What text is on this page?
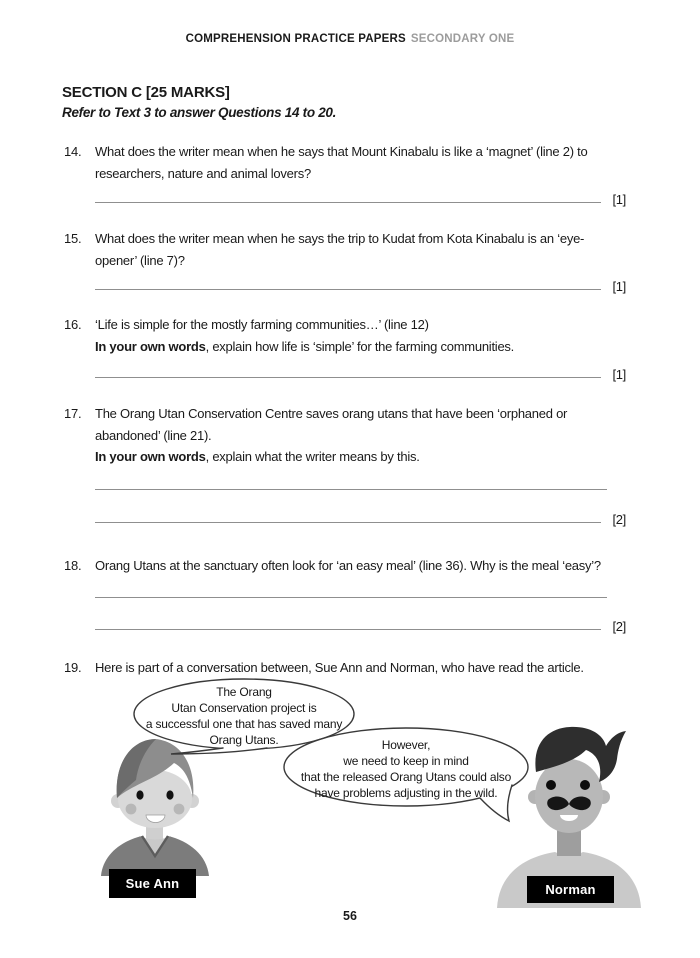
COMPREHENSION PRACTICE PAPERS SECONDARY ONE
SECTION C [25 MARKS]
Refer to Text 3 to answer Questions 14 to 20.
14.	What does the writer mean when he says that Mount Kinabalu is like a ‘magnet’ (line 2) to
researchers, nature and animal lovers?
[1]
15.	What does the writer mean when he says the trip to Kudat from Kota Kinabalu is an ‘eye-
opener’ (line 7)?
[1]
16.	‘Life is simple for the mostly farming communities…’ (line 12)
In your own words, explain how life is ‘simple’ for the farming communities.
[1]
17.	The Orang Utan Conservation Centre saves orang utans that have been ‘orphaned or
abandoned’ (line 21).
In your own words, explain what the writer means by this.
[2]
18.	Orang Utans at the sanctuary often look for ‘an easy meal’ (line 36). Why is the meal ‘easy’?
[2]
19.	Here is part of a conversation between, Sue Ann and Norman, who have read the article.
The Orang
Utan Conservation project is
a successful one that has saved many
Orang Utans.	However,
we need to keep in mind
that the released Orang Utans could also
have problems adjusting in the wild.
Sue Ann	Norman
56
